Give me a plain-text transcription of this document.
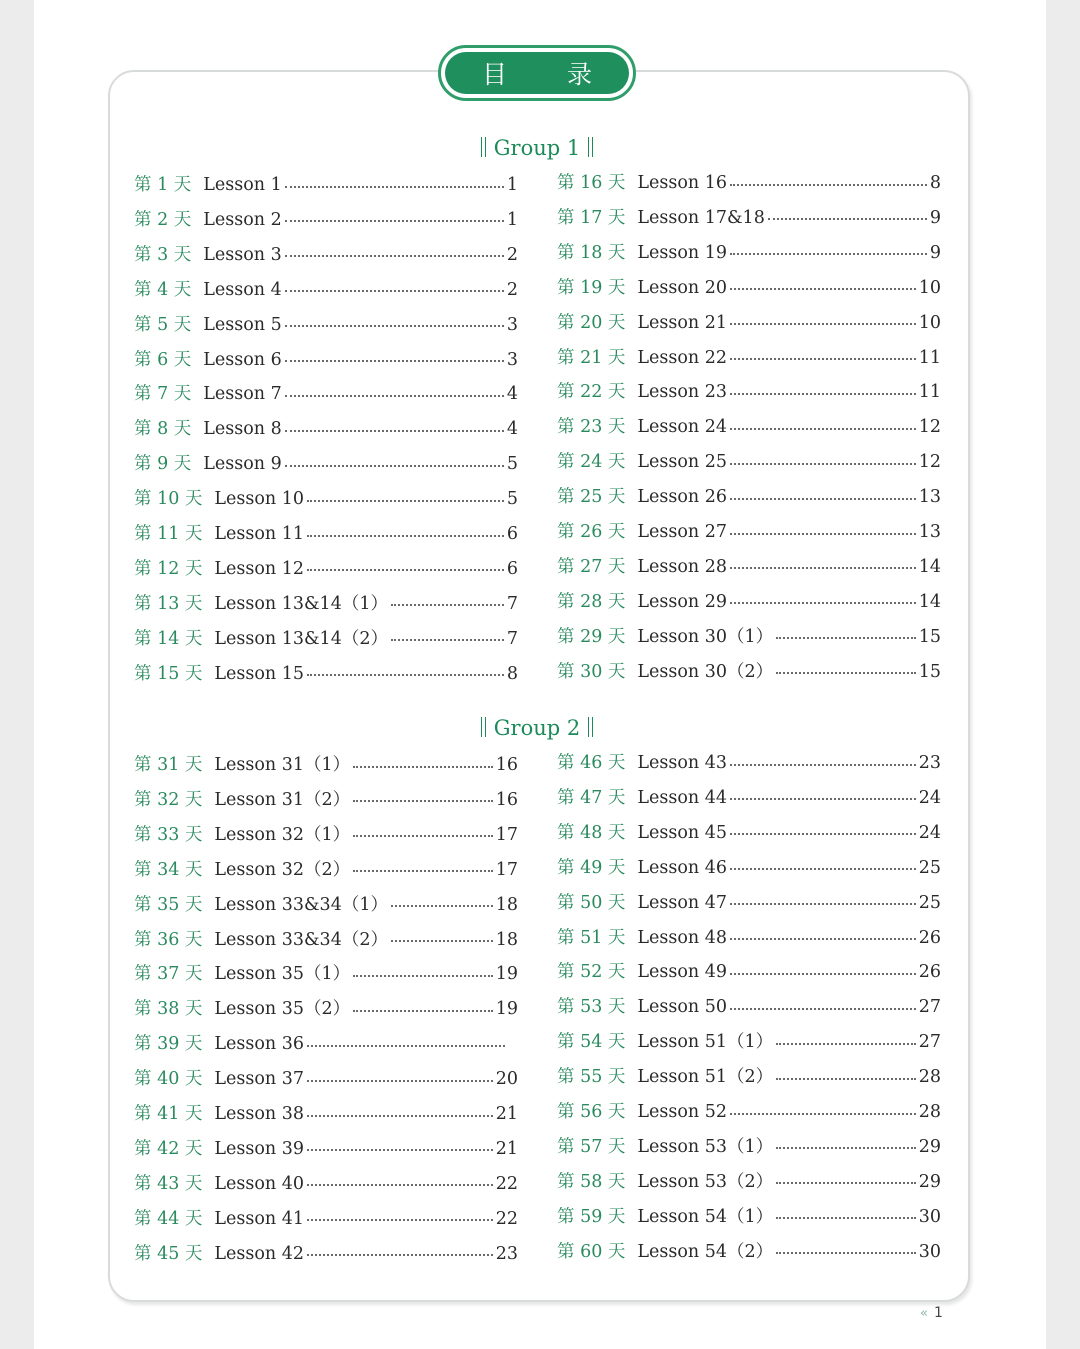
目 录
Group 1
Group 2
第 1 天 Lesson 1	1
第 2 天 Lesson 2	1
第 3 天 Lesson 3	2
第 4 天 Lesson 4	2
第 5 天 Lesson 5	3
第 6 天 Lesson 6	3
第 7 天 Lesson 7	4
第 8 天 Lesson 8	4
第 9 天 Lesson 9	5
第 10 天 Lesson 10	5
第 11 天 Lesson 11	6
第 12 天 Lesson 12	6
第 13 天 Lesson 13&14（1）	7
第 14 天 Lesson 13&14（2）	7
第 15 天 Lesson 15	8
第 16 天 Lesson 16	8
第 17 天 Lesson 17&18	9
第 18 天 Lesson 19	9
第 19 天 Lesson 20	10
第 20 天 Lesson 21	10
第 21 天 Lesson 22	11
第 22 天 Lesson 23	11
第 23 天 Lesson 24	12
第 24 天 Lesson 25	12
第 25 天 Lesson 26	13
第 26 天 Lesson 27	13
第 27 天 Lesson 28	14
第 28 天 Lesson 29	14
第 29 天 Lesson 30（1）	15
第 30 天 Lesson 30（2）	15
第 31 天 Lesson 31（1）	16
第 32 天 Lesson 31（2）	16
第 33 天 Lesson 32（1）	17
第 34 天 Lesson 32（2）	17
第 35 天 Lesson 33&34（1）	18
第 36 天 Lesson 33&34（2）	18
第 37 天 Lesson 35（1）	19
第 38 天 Lesson 35（2）	19
第 39 天 Lesson 36
第 40 天 Lesson 37	20
第 41 天 Lesson 38	21
第 42 天 Lesson 39	21
第 43 天 Lesson 40	22
第 44 天 Lesson 41	22
第 45 天 Lesson 42	23
第 46 天 Lesson 43	23
第 47 天 Lesson 44	24
第 48 天 Lesson 45	24
第 49 天 Lesson 46	25
第 50 天 Lesson 47	25
第 51 天 Lesson 48	26
第 52 天 Lesson 49	26
第 53 天 Lesson 50	27
第 54 天 Lesson 51（1）	27
第 55 天 Lesson 51（2）	28
第 56 天 Lesson 52	28
第 57 天 Lesson 53（1）	29
第 58 天 Lesson 53（2）	29
第 59 天 Lesson 54（1）	30
第 60 天 Lesson 54（2）	30
« 1
